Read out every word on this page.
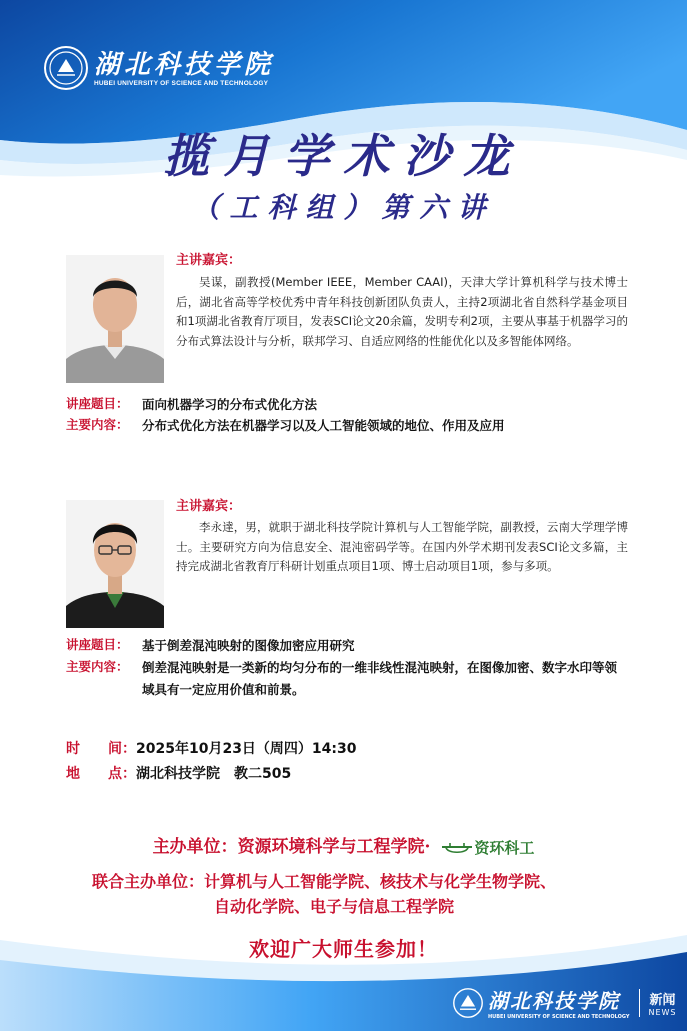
湖北科技学院
HUBEI UNIVERSITY OF SCIENCE AND TECHNOLOGY
揽月学术沙龙
（工科组）第六讲
主讲嘉宾：
吴谋，副教授(Member IEEE，Member CAAI)，天津大学计算机科学与技术博士后，湖北省高等学校优秀中青年科技创新团队负责人，主持2项湖北省自然科学基金项目和1项湖北省教育厅项目，发表SCI论文20余篇，发明专利2项，主要从事基于机器学习的分布式算法设计与分析，联邦学习、自适应网络的性能优化以及多智能体网络。
讲座题目：	面向机器学习的分布式优化方法
主要内容：	分布式优化方法在机器学习以及人工智能领域的地位、作用及应用
主讲嘉宾：
李永達，男，就职于湖北科技学院计算机与人工智能学院，副教授，云南大学理学博士。主要研究方向为信息安全、混沌密码学等。在国内外学术期刊发表SCI论文多篇，主持完成湖北省教育厅科研计划重点项目1项、博士启动项目1项，参与多项。
讲座题目：	基于倒差混沌映射的图像加密应用研究
主要内容：	倒差混沌映射是一类新的均匀分布的一维非线性混沌映射，在图像加密、数字水印等领域具有一定应用价值和前景。
时　　间：2025年10月23日（周四）14:30
地　　点：湖北科技学院　教二505
主办单位：资源环境科学与工程学院·	资环科工
联合主办单位：计算机与人工智能学院、核技术与化学生物学院、
自动化学院、电子与信息工程学院
欢迎广大师生参加！
湖北科技学院
HUBEI UNIVERSITY OF SCIENCE AND TECHNOLOGY
新闻
NEWS
